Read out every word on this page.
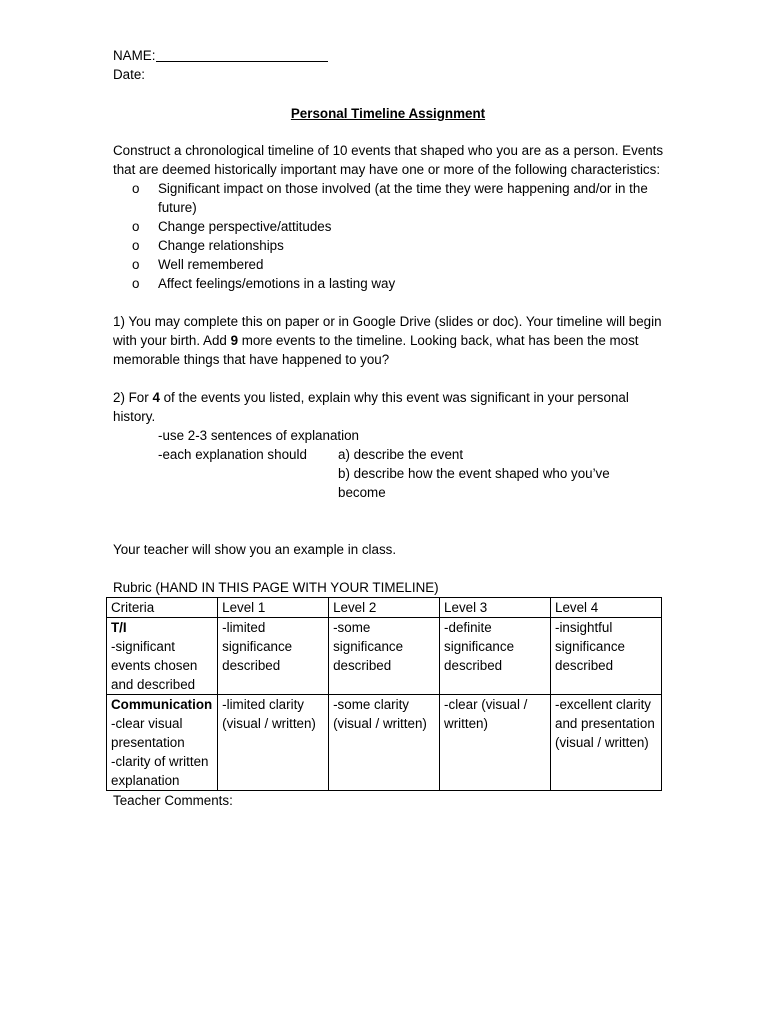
NAME:
Date:
Personal Timeline Assignment
Construct a chronological timeline of 10 events that shaped who you are as a person. Events that are deemed historically important may have one or more of the following characteristics:
o Significant impact on those involved (at the time they were happening and/or in the future)
o Change perspective/attitudes
o Change relationships
o Well remembered
o Affect feelings/emotions in a lasting way
1) You may complete this on paper or in Google Drive (slides or doc). Your timeline will begin with your birth. Add 9 more events to the timeline. Looking back, what has been the most memorable things that have happened to you?
2) For 4 of the events you listed, explain why this event was significant in your personal history.
-use 2-3 sentences of explanation
-each explanation should	a) describe the event
b) describe how the event shaped who you’ve become
Your teacher will show you an example in class.
Rubric (HAND IN THIS PAGE WITH YOUR TIMELINE)
Criteria	Level 1	Level 2	Level 3	Level 4

T/I
-significant events chosen and described	-limited significance described	-some significance described	-definite significance described	-insightful significance described

Communication
-clear visual presentation
-clarity of written explanation	-limited clarity (visual / written)	-some clarity (visual / written)	-clear (visual / written)	-excellent clarity and presentation (visual / written)
Teacher Comments:
